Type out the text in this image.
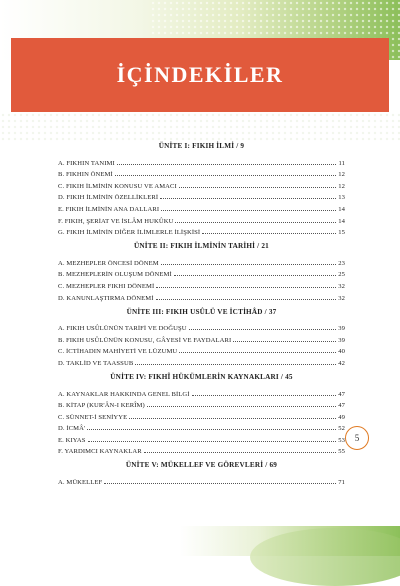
İÇİNDEKİLER
ÜNİTE I: FIKIH İLMİ / 9
A. FIKHIN TANIMI	11
B. FIKHIN ÖNEMİ	12
C. FIKIH İLMİNİN KONUSU VE AMACI	12
D. FIKIH İLMİNİN ÖZELLİKLERİ	13
E. FIKIH İLMİNİN ANA DALLARI	14
F. FIKIH, ŞERİAT VE İSLÂM HUKÛKU	14
G. FIKIH İLMİNİN DİĞER İLİMLERLE İLİŞKİSİ	15
ÜNİTE II: FIKIH İLMİNİN TARİHİ / 21
A. MEZHEPLER ÖNCESİ DÖNEM	23
B. MEZHEPLERİN OLUŞUM DÖNEMİ	25
C. MEZHEPLER FIKHI DÖNEMİ	32
D. KANUNLAŞTIRMA DÖNEMİ	32
ÜNİTE III: FIKIH USÛLÜ VE İCTİHÂD / 37
A. FIKIH USÛLÜNÜN TARİFİ VE DOĞUŞU	39
B. FIKIH USÛLÜNÜN KONUSU, GÂYESİ VE FAYDALARI	39
C. İCTİHADIN MAHİYETİ VE LÜZUMU	40
D. TAKLİD VE TAASSUB	42
ÜNİTE IV: FIKHÎ HÜKÜMLERİN KAYNAKLARI / 45
A. KAYNAKLAR HAKKINDA GENEL BİLGİ	47
B. KİTAP (KUR'ÂN-I KERÎM)	47
C. SÜNNET-İ SENİYYE	49
D. İCMÂ'	52
E. KIYAS	53
F. YARDIMCI KAYNAKLAR	55
ÜNİTE V: MÜKELLEF VE GÖREVLERİ / 69
A. MÜKELLEF	71
5
